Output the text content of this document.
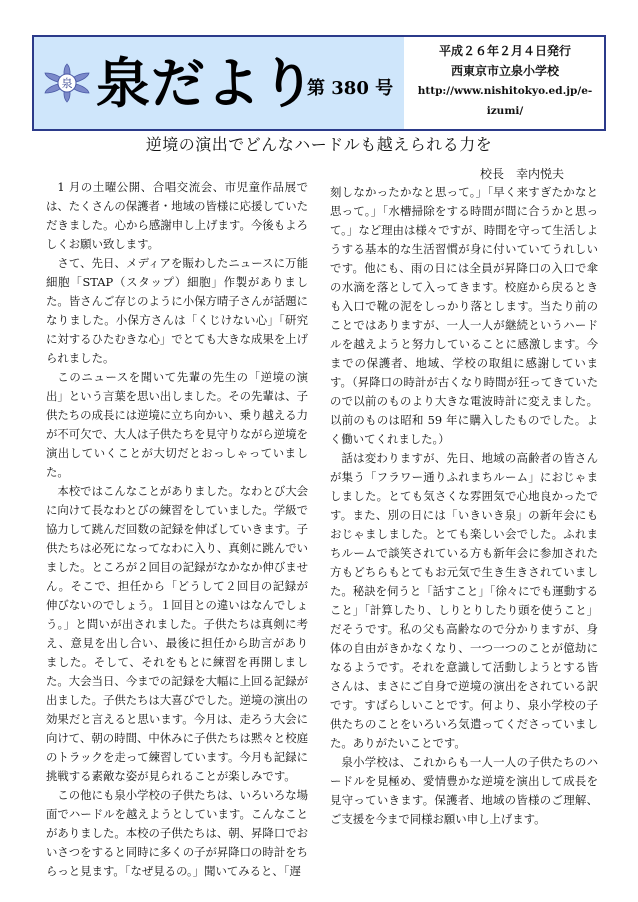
泉 泉だより
第 380 号
平成２６年２月４日発行
西東京市立泉小学校
http://www.nishitokyo.ed.jp/e-izumi/
逆境の演出でどんなハードルも越えられる力を
校長　幸内悦夫

1 月の土曜公開、合唱交流会、市児童作品展では、たくさんの保護者・地域の皆様に応援していただきました。心から感謝申し上げます。今後もよろしくお願い致します。

さて、先日、メディアを賑わしたニュースに万能細胞「STAP（スタップ）細胞」作製がありました。皆さんご存じのように小保方晴子さんが話題になりました。小保方さんは「くじけない心」「研究に対するひたむきな心」でとても大きな成果を上げられました。

このニュースを聞いて先輩の先生の「逆境の演出」という言葉を思い出しました。その先輩は、子供たちの成長には逆境に立ち向かい、乗り越える力が不可欠で、大人は子供たちを見守りながら逆境を演出していくことが大切だとおっしゃっていました。

本校ではこんなことがありました。なわとび大会に向けて長なわとびの練習をしていました。学級で協力して跳んだ回数の記録を伸ばしていきます。子供たちは必死になってなわに入り、真剣に跳んでいました。ところが２回目の記録がなかなか伸びません。そこで、担任から「どうして２回目の記録が伸びないのでしょう。１回目との違いはなんでしょう。」と問いが出されました。子供たちは真剣に考え、意見を出し合い、最後に担任から助言がありました。そして、それをもとに練習を再開しました。大会当日、今までの記録を大幅に上回る記録が出ました。子供たちは大喜びでした。逆境の演出の効果だと言えると思います。今月は、走ろう大会に向けて、朝の時間、中休みに子供たちは黙々と校庭のトラックを走って練習しています。今月も記録に挑戦する素敵な姿が見られることが楽しみです。

この他にも泉小学校の子供たちは、いろいろな場面でハードルを越えようとしています。こんなことがありました。本校の子供たちは、朝、昇降口でおいさつをすると同時に多くの子が昇降口の時計をちらっと見ます。「なぜ見るの。」聞いてみると、「遅

刻しなかったかなと思って。」「早く来すぎたかなと思って。」「水槽掃除をする時間が間に合うかと思って。」など理由は様々ですが、時間を守って生活しようする基本的な生活習慣が身に付いていてうれしいです。他にも、雨の日には全員が昇降口の入口で傘の水滴を落として入ってきます。校庭から戻るときも入口で靴の泥をしっかり落とします。当たり前のことではありますが、一人一人が継続というハードルを越えようと努力していることに感激します。今までの保護者、地域、学校の取組に感謝しています。（昇降口の時計が古くなり時間が狂ってきていたので以前のものより大きな電波時計に変えました。以前のものは昭和 59 年に購入したものでした。よく働いてくれました。）

話は変わりますが、先日、地域の高齢者の皆さんが集う「フラワー通りふれまちルーム」におじゃましました。とても気さくな雰囲気で心地良かったです。また、別の日には「いきいき泉」の新年会にもおじゃましました。とても楽しい会でした。ふれまちルームで談笑されている方も新年会に参加された方もどちらもとてもお元気で生き生きされていました。秘訣を伺うと「話すこと」「徐々にでも運動すること」「計算したり、しりとりしたり頭を使うこと」だそうです。私の父も高齢なので分かりますが、身体の自由がきかなくなり、一つ一つのことが億劫になるようです。それを意識して活動しようとする皆さんは、まさにご自身で逆境の演出をされている訳です。すばらしいことです。何より、泉小学校の子供たちのことをいろいろ気遣ってくださっていました。ありがたいことです。

泉小学校は、これからも一人一人の子供たちのハードルを見極め、愛情豊かな逆境を演出して成長を見守っていきます。保護者、地域の皆様のご理解、ご支援を今まで同様お願い申し上げます。
